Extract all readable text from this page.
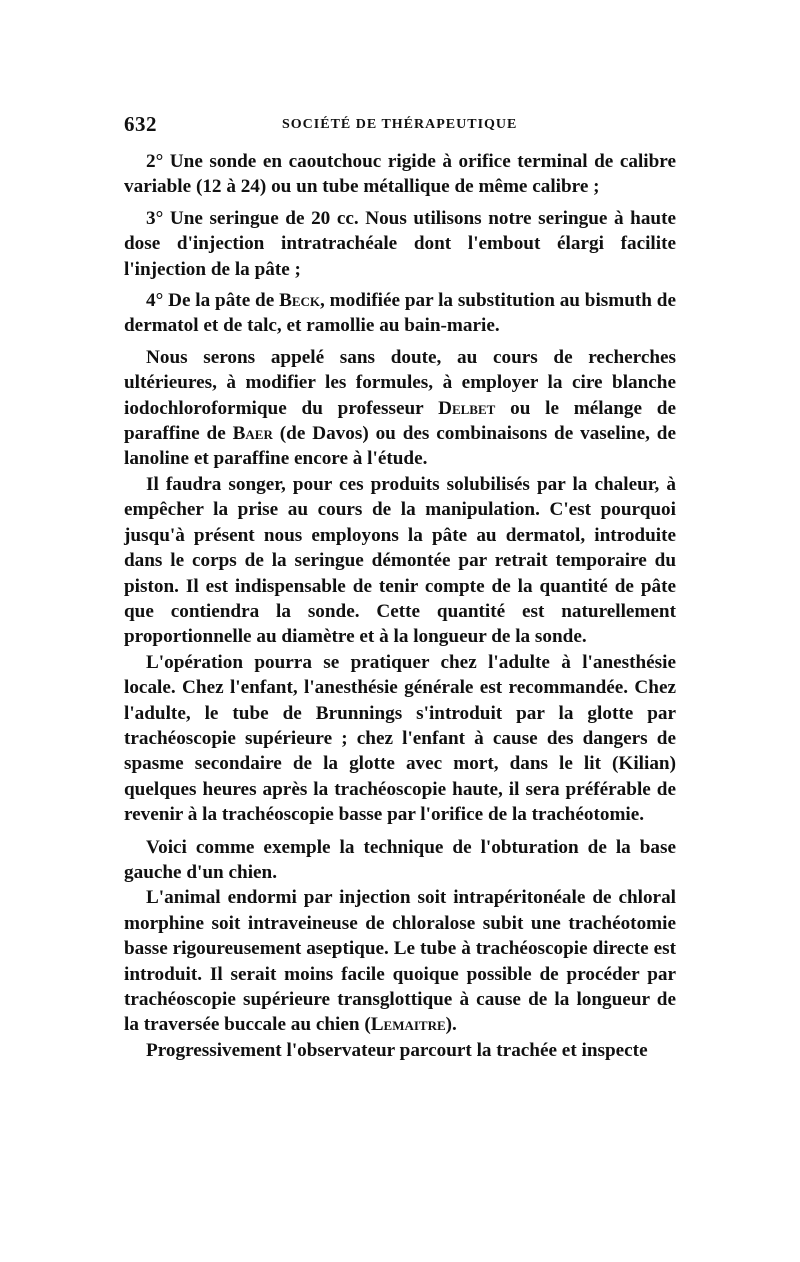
632	SOCIÉTÉ DE THÉRAPEUTIQUE

2° Une sonde en caoutchouc rigide à orifice terminal de calibre variable (12 à 24) ou un tube métallique de même calibre ;

3° Une seringue de 20 cc. Nous utilisons notre seringue à haute dose d'injection intratrachéale dont l'embout élargi facilite l'injection de la pâte ;

4° De la pâte de Beck, modifiée par la substitution au bismuth de dermatol et de talc, et ramollie au bain-marie.

Nous serons appelé sans doute, au cours de recherches ultérieures, à modifier les formules, à employer la cire blanche iodochloroformique du professeur Delbet ou le mélange de paraffine de Baer (de Davos) ou des combinaisons de vaseline, de lanoline et paraffine encore à l'étude.

Il faudra songer, pour ces produits solubilisés par la chaleur, à empêcher la prise au cours de la manipulation. C'est pourquoi jusqu'à présent nous employons la pâte au dermatol, introduite dans le corps de la seringue démontée par retrait temporaire du piston. Il est indispensable de tenir compte de la quantité de pâte que contiendra la sonde. Cette quantité est naturellement proportionnelle au diamètre et à la longueur de la sonde.

L'opération pourra se pratiquer chez l'adulte à l'anesthésie locale. Chez l'enfant, l'anesthésie générale est recommandée. Chez l'adulte, le tube de Brunnings s'introduit par la glotte par trachéoscopie supérieure ; chez l'enfant à cause des dangers de spasme secondaire de la glotte avec mort, dans le lit (Kilian) quelques heures après la trachéoscopie haute, il sera préférable de revenir à la trachéoscopie basse par l'orifice de la trachéotomie.

Voici comme exemple la technique de l'obturation de la base gauche d'un chien.

L'animal endormi par injection soit intrapéritonéale de chloral morphine soit intraveineuse de chloralose subit une trachéotomie basse rigoureusement aseptique. Le tube à trachéoscopie directe est introduit. Il serait moins facile quoique possible de procéder par trachéoscopie supérieure transglottique à cause de la longueur de la traversée buccale au chien (Lemaitre).

Progressivement l'observateur parcourt la trachée et inspecte
